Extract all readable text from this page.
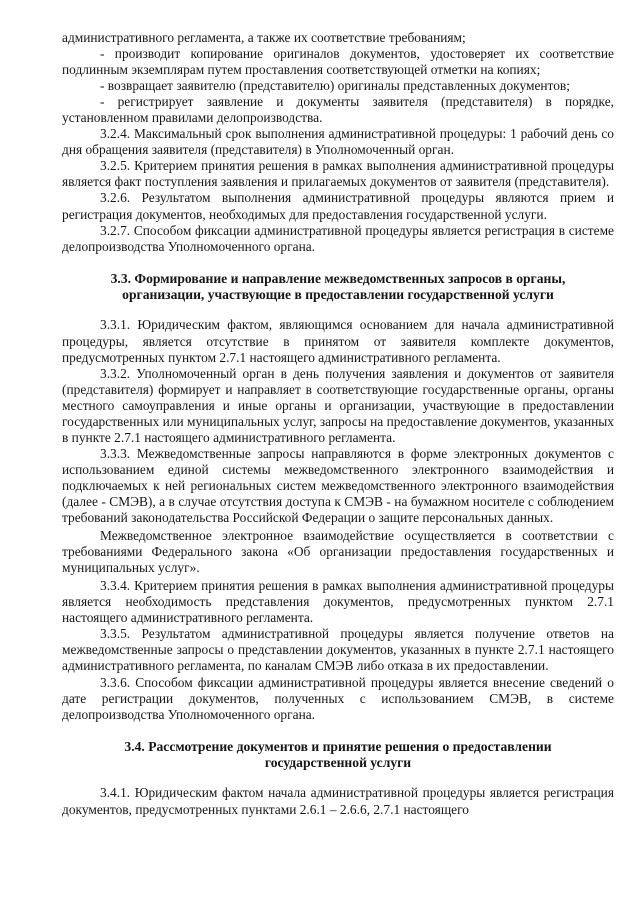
административного регламента, а также их соответствие требованиям;

- производит копирование оригиналов документов, удостоверяет их соответствие подлинным экземплярам путем проставления соответствующей отметки на копиях;

- возвращает заявителю (представителю) оригиналы представленных документов;

- регистрирует заявление и документы заявителя (представителя) в порядке, установленном правилами делопроизводства.

3.2.4. Максимальный срок выполнения административной процедуры: 1 рабочий день со дня обращения заявителя (представителя) в Уполномоченный орган.

3.2.5. Критерием принятия решения в рамках выполнения административной процедуры является факт поступления заявления и прилагаемых документов от заявителя (представителя).

3.2.6. Результатом выполнения административной процедуры являются прием и регистрация документов, необходимых для предоставления государственной услуги.

3.2.7. Способом фиксации административной процедуры является регистрация в системе делопроизводства Уполномоченного органа.

3.3. Формирование и направление межведомственных запросов в органы,

организации, участвующие в предоставлении государственной услуги

3.3.1. Юридическим фактом, являющимся основанием для начала административной процедуры, является отсутствие в принятом от заявителя комплекте документов, предусмотренных пунктом 2.7.1 настоящего административного регламента.

3.3.2. Уполномоченный орган в день получения заявления и документов от заявителя (представителя) формирует и направляет в соответствующие государственные органы, органы местного самоуправления и иные органы и организации, участвующие в предоставлении государственных или муниципальных услуг, запросы на предоставление документов, указанных в пункте 2.7.1 настоящего административного регламента.

3.3.3. Межведомственные запросы направляются в форме электронных документов с использованием единой системы межведомственного электронного взаимодействия и подключаемых к ней региональных систем межведомственного электронного взаимодействия (далее - СМЭВ), а в случае отсутствия доступа к СМЭВ - на бумажном носителе с соблюдением требований законодательства Российской Федерации о защите персональных данных.

Межведомственное электронное взаимодействие осуществляется в соответствии с требованиями Федерального закона «Об организации предоставления государственных и муниципальных услуг».

3.3.4. Критерием принятия решения в рамках выполнения административной процедуры является необходимость представления документов, предусмотренных пунктом 2.7.1 настоящего административного регламента.

3.3.5. Результатом административной процедуры является получение ответов на межведомственные запросы о представлении документов, указанных в пункте 2.7.1 настоящего административного регламента, по каналам СМЭВ либо отказа в их предоставлении.

3.3.6. Способом фиксации административной процедуры является внесение сведений о дате регистрации документов, полученных с использованием СМЭВ, в системе делопроизводства Уполномоченного органа.

3.4. Рассмотрение документов и принятие решения о предоставлении

государственной услуги

3.4.1. Юридическим фактом начала административной процедуры является регистрация документов, предусмотренных пунктами 2.6.1 – 2.6.6, 2.7.1 настоящего
